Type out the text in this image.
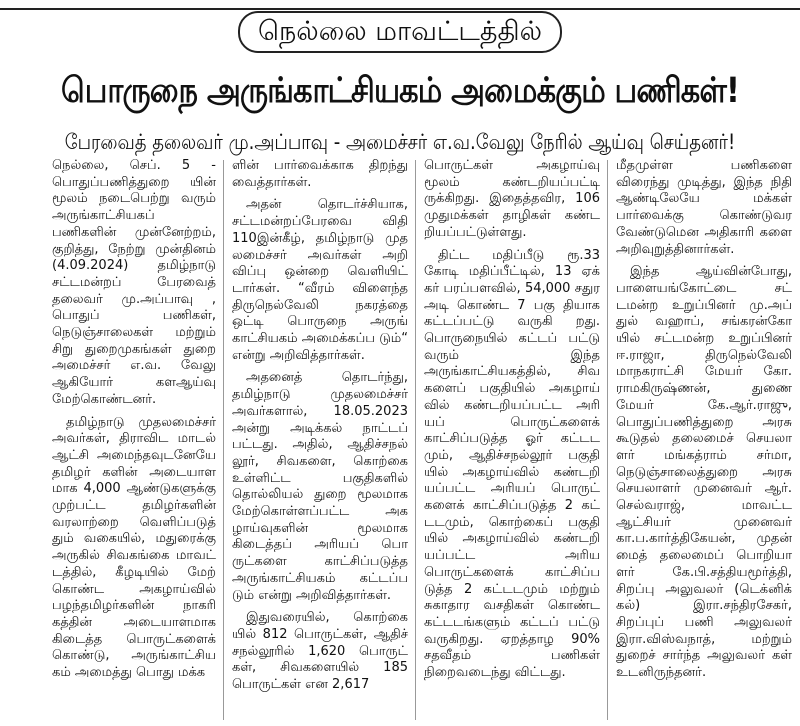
நெல்லை மாவட்டத்தில்
பொருநை அருங்காட்சியகம் அமைக்கும் பணிகள்!
பேரவைத் தலைவர் மு.அப்பாவு - அமைச்சர் எ.வ.வேலு நேரில் ஆய்வு செய்தனர்!

நெல்லை, செப். 5 - பொதுப்பணித்துறை யின் மூலம் நடைபெற்று வரும் அருங்காட்சியகப் பணிகளின் முன்னேற்றம், குறித்து, நேற்று முன்தினம் (4.09.2024) தமிழ்நாடு சட்டமன்றப் பேரவைத் தலைவர் மு.அப்பாவு , பொதுப் பணிகள், நெடுஞ்சாலைகள் மற்றும் சிறு துறைமுகங்கள் துறை அமைச்சர் எ.வ. வேலு ஆகியோர் களஆய்வு மேற்கொண்டனர்.

தமிழ்நாடு முதலமைச்சர் அவர்கள், திராவிட மாடல் ஆட்சி அமைந்தவுடனேயே தமிழர் களின் அடையாள மாக 4,000 ஆண்டுகளுக்கு முற்பட்ட தமிழர்களின் வரலாற்றை வெளிப்படுத் தும் வகையில், மதுரைக்கு அருகில் சிவகங்கை மாவட் டத்தில், கீழடியில் மேற் கொண்ட அகழாய்வில் பழந்தமிழர்களின் நாகரி கத்தின் அடையாளமாக கிடைத்த பொருட்களைக் கொண்டு, அருங்காட்சிய கம் அமைத்து பொது மக்க

ளின் பார்வைக்காக திறந்து வைத்தார்கள்.

அதன் தொடர்ச்சியாக, சட்டமன்றப்பேரவை விதி 110இன்கீழ், தமிழ்நாடு முத லமைச்சர் அவர்கள் அறி விப்பு ஒன்றை வெளியிட் டார்கள். “வீரம் விளைந்த திருநெல்வேலி நகரத்தை ஒட்டி பொருநை அருங் காட்சியகம் அமைக்கப்ப டும்“ என்று அறிவித்தார்கள்.

அதனைத் தொடர்ந்து, தமிழ்நாடு முதலமைச்சர் அவர்களால், 18.05.2023 அன்று அடிக்கல் நாட்டப் பட்டது. அதில், ஆதிச்சநல் லூர், சிவகளை, கொற்கை உள்ளிட்ட பகுதிகளில் தொல்லியல் துறை மூலமாக மேற்கொள்ளப்பட்ட அக ழாய்வுகளின் மூலமாக கிடைத்தப் அரியப் பொ ருட்களை காட்சிப்படுத்த அருங்காட்சியகம் கட்டப்ப டும் என்று அறிவித்தார்கள்.

இதுவரையில், கொற்கை யில் 812 பொருட்கள், ஆதிச் சநல்லூரில் 1,620 பொருட் கள், சிவகளையில் 185 பொருட்கள் என 2,617

பொருட்கள் அகழாய்வு மூலம் கண்டறியப்பட்டி ருக்கிறது. இதைத்தவிர, 106 முதுமக்கள் தாழிகள் கண்ட றியப்பட்டுள்ளது.

திட்ட மதிப்பீடு ரூ.33 கோடி மதிப்பீட்டில், 13 ஏக் கர் பரப்பளவில், 54,000 சதுர அடி கொண்ட 7 பகு தியாக கட்டப்பட்டு வருகி றது. பொருநையில் கட்டப் பட்டு வரும் இந்த அருங்காட்சியகத்தில், சிவ களைப் பகுதியில் அகழாய் வில் கண்டறியப்பட்ட அரி யப் பொருட்களைக் காட்சிப்படுத்த ஓர் கட்டட மும், ஆதிச்சநல்லூர் பகுதி யில் அகழாய்வில் கண்டறி யப்பட்ட அரியப் பொருட் களைக் காட்சிப்படுத்த 2 கட் டடமும், கொற்கைப் பகுதி யில் அகழாய்வில் கண்டறி யப்பட்ட அரிய பொருட்களைக் காட்சிப்ப டுத்த 2 கட்டடமும் மற்றும் சுகாதார வசதிகள் கொண்ட கட்டடங்களும் கட்டப் பட்டு வருகிறது. ஏறத்தாழ 90% சதவீதம் பணிகள் நிறைவடைந்து விட்டது.

மீதமுள்ள பணிகளை விரைந்து முடித்து, இந்த நிதி ஆண்டிலேயே மக்கள் பார்வைக்கு கொண்டுவர வேண்டுமென அதிகாரி களை அறிவுறுத்தினார்கள்.

இந்த ஆய்வின்போது, பாளையங்கோட்டை சட் டமன்ற உறுப்பினர் மு.அப் துல் வஹாப், சங்கரன்கோ யில் சட்டமன்ற உறுப்பினர் ஈ.ராஜா, திருநெல்வேலி மாநகராட்சி மேயர் கோ. ராமகிருஷ்ணன், துணை மேயர் கே.ஆர்.ராஜு, பொதுப்பணித்துறை அரசு கூடுதல் தலைமைச் செயலா ளர் மங்கத்ராம் சர்மா, நெடுஞ்சாலைத்துறை அரசு செயலாளர் முனைவர் ஆர். செல்வராஜ், மாவட்ட ஆட்சியர் முனைவர் கா.ப.கார்த்திகேயன், முதன் மைத் தலைமைப் பொறியா ளர் கே.பி.சத்தியமூர்த்தி, சிறப்பு அலுவலர் (டெக்னிக் கல்) இரா.சந்திரசேகர், சிறப்புப் பணி அலுவலர் இரா.விஸ்வநாத், மற்றும் துறைச் சார்ந்த அலுவலர் கள் உடனிருந்தனர்.
